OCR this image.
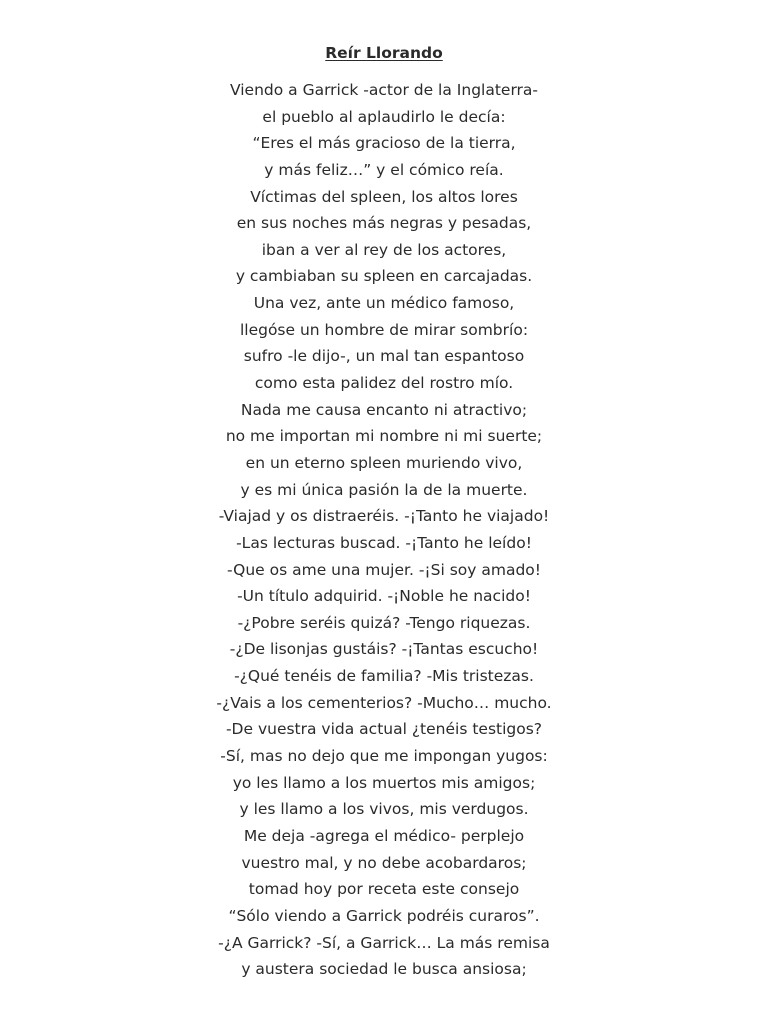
Reír Llorando
Viendo a Garrick -actor de la Inglaterra-
el pueblo al aplaudirlo le decía:
“Eres el más gracioso de la tierra,
y más feliz…” y el cómico reía.
Víctimas del spleen, los altos lores
en sus noches más negras y pesadas,
iban a ver al rey de los actores,
y cambiaban su spleen en carcajadas.
Una vez, ante un médico famoso,
llegóse un hombre de mirar sombrío:
sufro -le dijo-, un mal tan espantoso
como esta palidez del rostro mío.
Nada me causa encanto ni atractivo;
no me importan mi nombre ni mi suerte;
en un eterno spleen muriendo vivo,
y es mi única pasión la de la muerte.
-Viajad y os distraeréis. -¡Tanto he viajado!
-Las lecturas buscad. -¡Tanto he leído!
-Que os ame una mujer. -¡Si soy amado!
-Un título adquirid. -¡Noble he nacido!
-¿Pobre seréis quizá? -Tengo riquezas.
-¿De lisonjas gustáis? -¡Tantas escucho!
-¿Qué tenéis de familia? -Mis tristezas.
-¿Vais a los cementerios? -Mucho… mucho.
-De vuestra vida actual ¿tenéis testigos?
-Sí, mas no dejo que me impongan yugos:
yo les llamo a los muertos mis amigos;
y les llamo a los vivos, mis verdugos.
Me deja -agrega el médico- perplejo
vuestro mal, y no debe acobardaros;
tomad hoy por receta este consejo
“Sólo viendo a Garrick podréis curaros”.
-¿A Garrick? -Sí, a Garrick… La más remisa
y austera sociedad le busca ansiosa;
